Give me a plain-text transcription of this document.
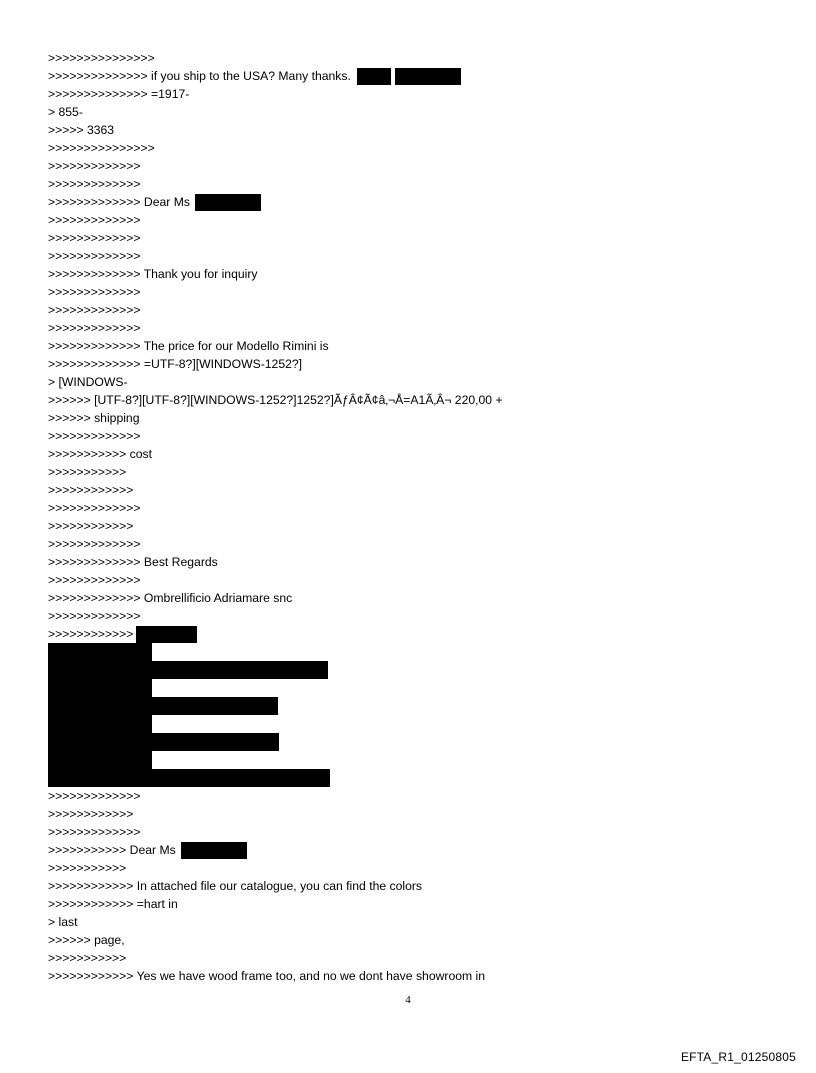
>>>>>>>>>>>>>>>
>>>>>>>>>>>>>> if you ship to the USA? Many thanks.
>>>>>>>>>>>>>> =1917-
> 855-
>>>>> 3363
>>>>>>>>>>>>>>>
>>>>>>>>>>>>>
>>>>>>>>>>>>>
>>>>>>>>>>>>> Dear Ms
>>>>>>>>>>>>>
>>>>>>>>>>>>>
>>>>>>>>>>>>>
>>>>>>>>>>>>> Thank you for inquiry
>>>>>>>>>>>>>
>>>>>>>>>>>>>
>>>>>>>>>>>>>
>>>>>>>>>>>>> The price for our Modello Rimini is
>>>>>>>>>>>>> =UTF-8?][WINDOWS-1252?]
> [WINDOWS-
>>>>>> [UTF-8?][UTF-8?][WINDOWS-1252?]1252?]ÃƒÂ¢Ã¢â‚¬Å=A1Ã‚Â¬ 220,00 +
>>>>>> shipping
>>>>>>>>>>>>>
>>>>>>>>>>> cost
>>>>>>>>>>>
>>>>>>>>>>>>
>>>>>>>>>>>>>
>>>>>>>>>>>>
>>>>>>>>>>>>>
>>>>>>>>>>>>> Best Regards
>>>>>>>>>>>>>
>>>>>>>>>>>>> Ombrellificio Adriamare snc
>>>>>>>>>>>>>
>>>>>>>>>>>>
>>>>>>>>>>>>>
>>>>>>>>>>>>
>>>>>>>>>>>>>
>>>>>>>>>>> Dear Ms
>>>>>>>>>>>
>>>>>>>>>>>> In attached file our catalogue, you can find the colors
>>>>>>>>>>>> =hart in
> last
>>>>>> page,
>>>>>>>>>>>
>>>>>>>>>>>> Yes we have wood frame too, and no we dont have showroom in
4
EFTA_R1_01250805
